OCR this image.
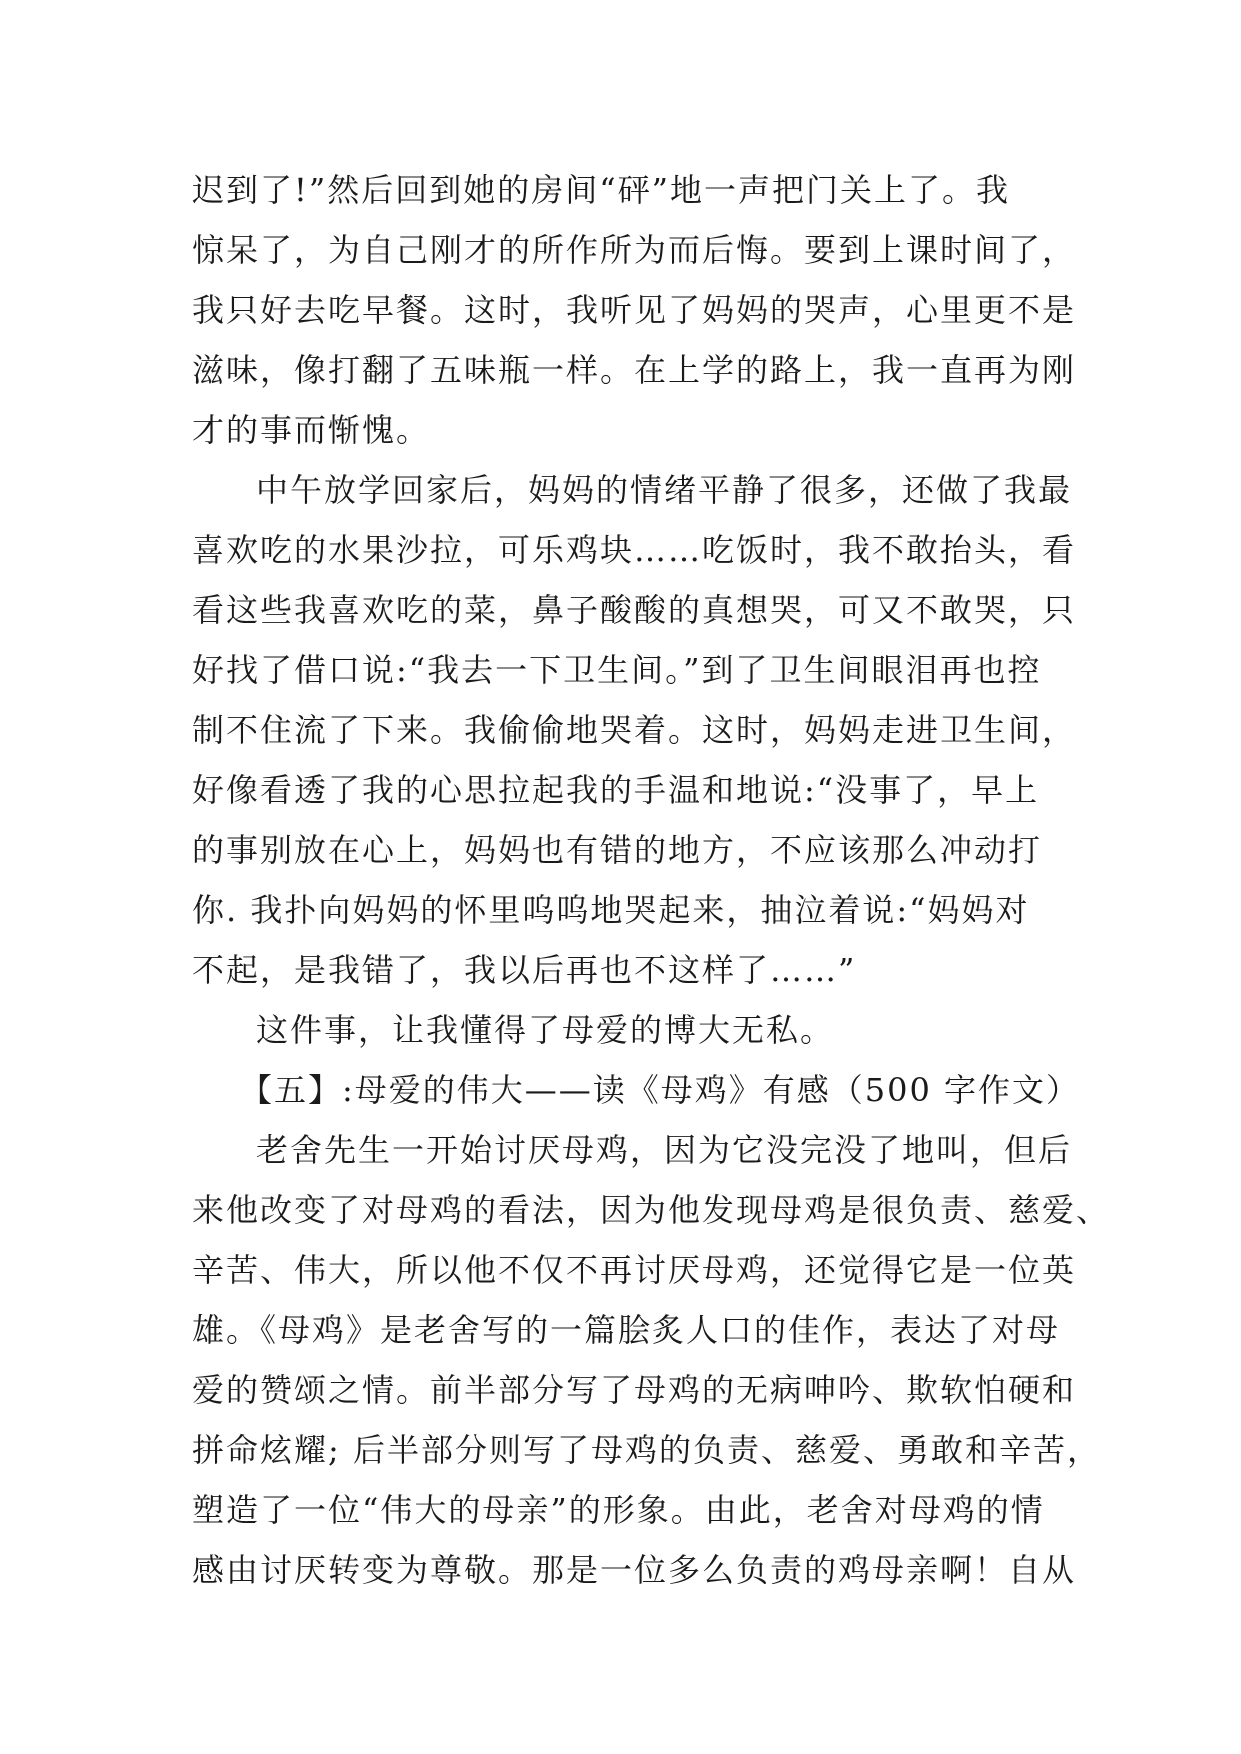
迟到了!”然后回到她的房间“砰”地一声把门关上了。我
惊呆了，为自己刚才的所作所为而后悔。要到上课时间了，
我只好去吃早餐。这时，我听见了妈妈的哭声，心里更不是
滋味，像打翻了五味瓶一样。在上学的路上，我一直再为刚
才的事而惭愧。
中午放学回家后，妈妈的情绪平静了很多，还做了我最
喜欢吃的水果沙拉，可乐鸡块……吃饭时，我不敢抬头，看
看这些我喜欢吃的菜，鼻子酸酸的真想哭，可又不敢哭，只
好找了借口说:“我去一下卫生间。”到了卫生间眼泪再也控
制不住流了下来。我偷偷地哭着。这时，妈妈走进卫生间，
好像看透了我的心思拉起我的手温和地说:“没事了，早上
的事别放在心上，妈妈也有错的地方，不应该那么冲动打
你. 我扑向妈妈的怀里呜呜地哭起来，抽泣着说:“妈妈对
不起，是我错了，我以后再也不这样了……”
这件事，让我懂得了母爱的博大无私。
【五】:母爱的伟大——读《母鸡》有感（500 字作文）
老舍先生一开始讨厌母鸡，因为它没完没了地叫，但后
来他改变了对母鸡的看法，因为他发现母鸡是很负责、慈爱、
辛苦、伟大，所以他不仅不再讨厌母鸡，还觉得它是一位英
雄。《母鸡》是老舍写的一篇脍炙人口的佳作，表达了对母
爱的赞颂之情。前半部分写了母鸡的无病呻吟、欺软怕硬和
拼命炫耀; 后半部分则写了母鸡的负责、慈爱、勇敢和辛苦，
塑造了一位“伟大的母亲”的形象。由此，老舍对母鸡的情
感由讨厌转变为尊敬。那是一位多么负责的鸡母亲啊！自从
